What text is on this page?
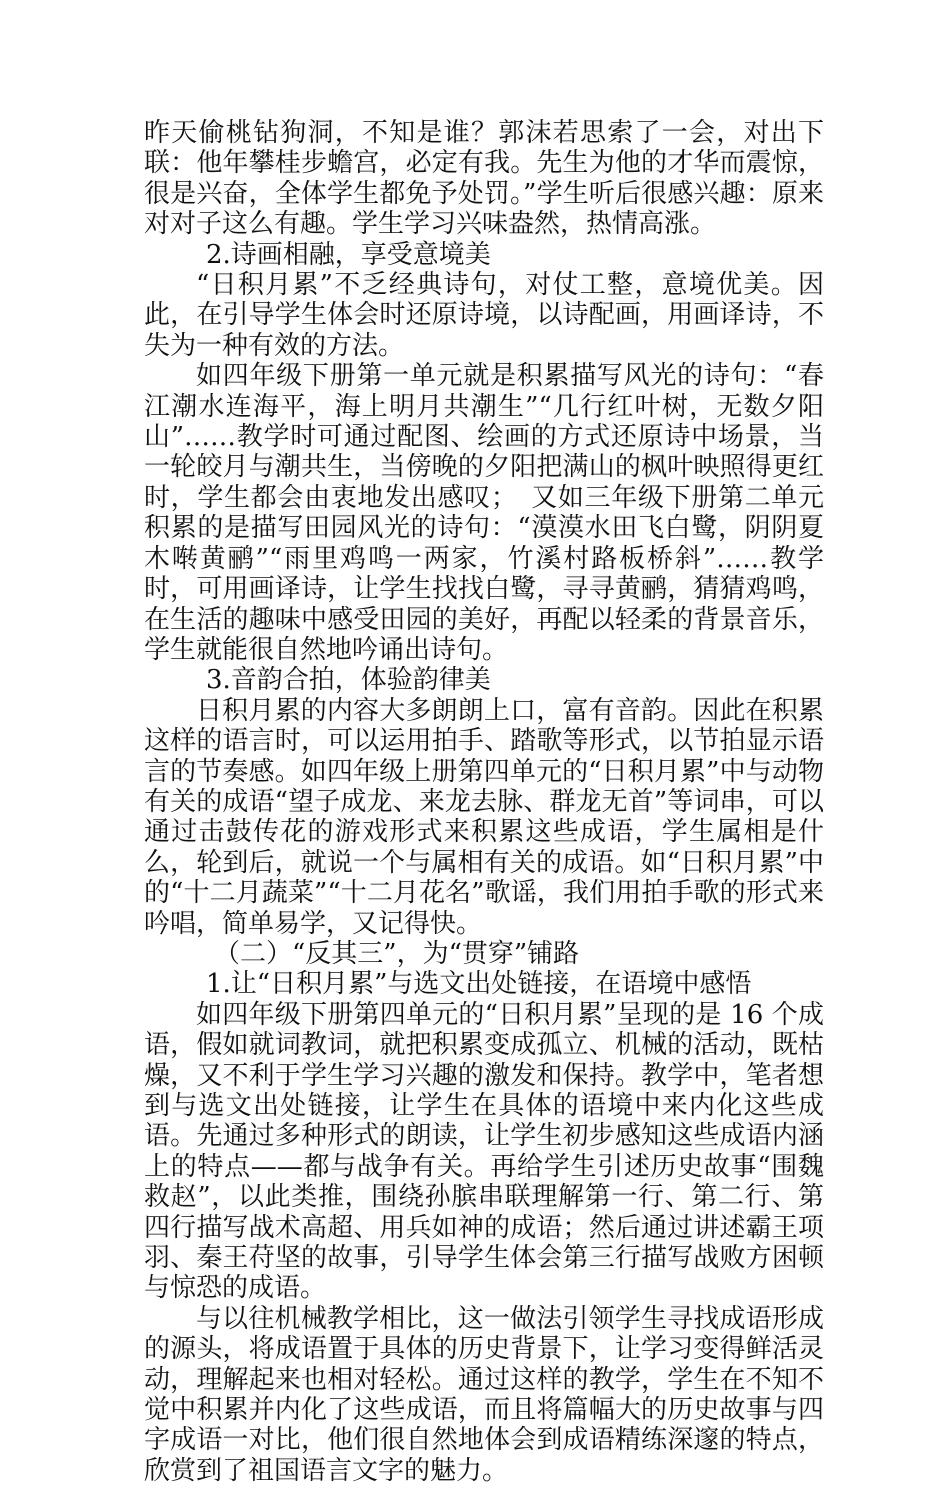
昨天偷桃钻狗洞，不知是谁？郭沫若思索了一会，对出下联：他年攀桂步蟾宫，必定有我。先生为他的才华而震惊，很是兴奋，全体学生都免予处罚。”学生听后很感兴趣：原来对对子这么有趣。学生学习兴味盎然，热情高涨。

2.诗画相融，享受意境美

“日积月累”不乏经典诗句，对仗工整，意境优美。因此，在引导学生体会时还原诗境，以诗配画，用画译诗，不失为一种有效的方法。

如四年级下册第一单元就是积累描写风光的诗句：“春江潮水连海平，海上明月共潮生”“几行红叶树，无数夕阳山”……教学时可通过配图、绘画的方式还原诗中场景，当一轮皎月与潮共生，当傍晚的夕阳把满山的枫叶映照得更红时，学生都会由衷地发出感叹；　又如三年级下册第二单元积累的是描写田园风光的诗句：“漠漠水田飞白鹭，阴阴夏木啭黄鹂”“雨里鸡鸣一两家，竹溪村路板桥斜”……教学时，可用画译诗，让学生找找白鹭，寻寻黄鹂，猜猜鸡鸣，在生活的趣味中感受田园的美好，再配以轻柔的背景音乐，学生就能很自然地吟诵出诗句。

3.音韵合拍，体验韵律美

日积月累的内容大多朗朗上口，富有音韵。因此在积累这样的语言时，可以运用拍手、踏歌等形式，以节拍显示语言的节奏感。如四年级上册第四单元的“日积月累”中与动物有关的成语“望子成龙、来龙去脉、群龙无首”等词串，可以通过击鼓传花的游戏形式来积累这些成语，学生属相是什么，轮到后，就说一个与属相有关的成语。如“日积月累”中的“十二月蔬菜”“十二月花名”歌谣，我们用拍手歌的形式来吟唱，简单易学，又记得快。

（二）“反其三”，为“贯穿”铺路

1.让“日积月累”与选文出处链接，在语境中感悟

如四年级下册第四单元的“日积月累”呈现的是 16 个成语，假如就词教词，就把积累变成孤立、机械的活动，既枯燥，又不利于学生学习兴趣的激发和保持。教学中，笔者想到与选文出处链接，让学生在具体的语境中来内化这些成语。先通过多种形式的朗读，让学生初步感知这些成语内涵上的特点——都与战争有关。再给学生引述历史故事“围魏救赵”，以此类推，围绕孙膑串联理解第一行、第二行、第四行描写战术高超、用兵如神的成语；然后通过讲述霸王项羽、秦王苻坚的故事，引导学生体会第三行描写战败方困顿与惊恐的成语。

与以往机械教学相比，这一做法引领学生寻找成语形成的源头，将成语置于具体的历史背景下，让学习变得鲜活灵动，理解起来也相对轻松。通过这样的教学，学生在不知不觉中积累并内化了这些成语，而且将篇幅大的历史故事与四字成语一对比，他们很自然地体会到成语精练深邃的特点，欣赏到了祖国语言文字的魅力。
